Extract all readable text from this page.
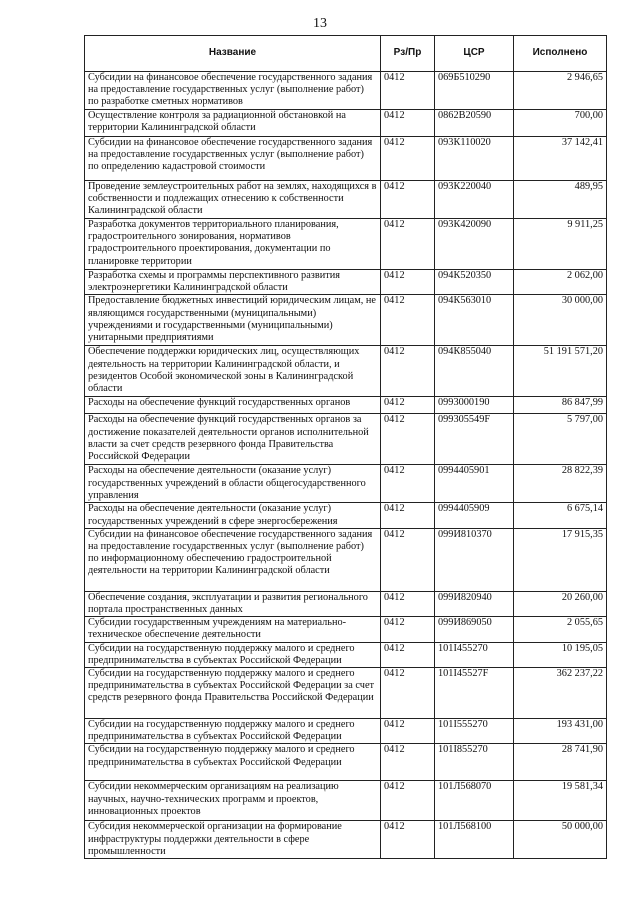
13
Название	Рз/Пр	ЦСР	Исполнено
Субсидии на финансовое обеспечение государственного задания на предоставление государственных услуг (выполнение работ) по разработке сметных нормативов	0412	069Б510290	2 946,65
Осуществление контроля за радиационной обстановкой на территории Калининградской области	0412	0862В20590	700,00
Субсидии на финансовое обеспечение государственного задания на предоставление государственных услуг (выполнение работ) по определению кадастровой стоимости	0412	093К110020	37 142,41
Проведение землеустроительных работ на землях, находящихся в собственности и подлежащих отнесению к собственности Калининградской области	0412	093К220040	489,95
Разработка документов территориального планирования, градостроительного зонирования, нормативов градостроительного проектирования, документации по планировке территории	0412	093К420090	9 911,25
Разработка схемы и программы перспективного развития электроэнергетики Калининградской области	0412	094К520350	2 062,00
Предоставление бюджетных инвестиций юридическим лицам, не являющимся государственными (муниципальными) учреждениями и государственными (муниципальными) унитарными предприятиями	0412	094К563010	30 000,00
Обеспечение поддержки юридических лиц, осуществляющих деятельность на территории Калининградской области, и резидентов Особой экономической зоны в Калининградской области	0412	094К855040	51 191 571,20
Расходы на обеспечение функций государственных органов	0412	0993000190	86 847,99
Расходы на обеспечение функций государственных органов за достижение показателей деятельности органов исполнительной власти за счет средств резервного фонда Правительства Российской Федерации	0412	099305549F	5 797,00
Расходы на обеспечение деятельности (оказание услуг) государственных учреждений в области общегосударственного управления	0412	0994405901	28 822,39
Расходы на обеспечение деятельности (оказание услуг) государственных учреждений в сфере энергосбережения	0412	0994405909	6 675,14
Субсидии на финансовое обеспечение государственного задания на предоставление государственных услуг (выполнение работ) по информационному обеспечению градостроительной деятельности на территории Калининградской области	0412	099И810370	17 915,35
Обеспечение создания, эксплуатации и развития регионального портала пространственных данных	0412	099И820940	20 260,00
Субсидии государственным учреждениям на материально-техническое обеспечение деятельности	0412	099И869050	2 055,65
Субсидии на государственную поддержку малого и среднего предпринимательства в субъектах Российской Федерации	0412	101I455270	10 195,05
Субсидии на государственную поддержку малого и среднего предпринимательства в субъектах Российской Федерации за счет средств резервного фонда Правительства Российской Федерации	0412	101I45527F	362 237,22
Субсидии на государственную поддержку малого и среднего предпринимательства в субъектах Российской Федерации	0412	101I555270	193 431,00
Субсидии на государственную поддержку малого и среднего предпринимательства в субъектах Российской Федерации	0412	101I855270	28 741,90
Субсидии некоммерческим организациям на реализацию научных, научно-технических программ и проектов, инновационных проектов	0412	101Л568070	19 581,34
Субсидия некоммерческой организации на формирование инфраструктуры поддержки деятельности в сфере промышленности	0412	101Л568100	50 000,00
